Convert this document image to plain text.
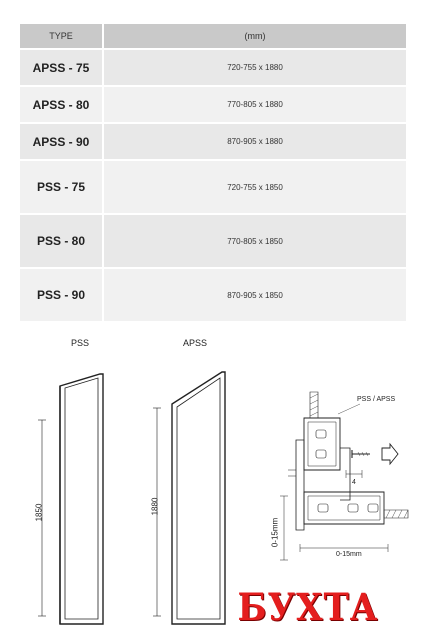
TYPE	(mm)
APSS - 75	720-755 x 1880
APSS - 80	770-805 x 1880
APSS - 90	870-905 x 1880
PSS - 75	720-755 x 1850
PSS - 80	770-805 x 1850
PSS - 90	870-905 x 1850
PSS	APSS
1850	1880
PSS / APSS
4
0-15mm
0-15mm
БУХТА
